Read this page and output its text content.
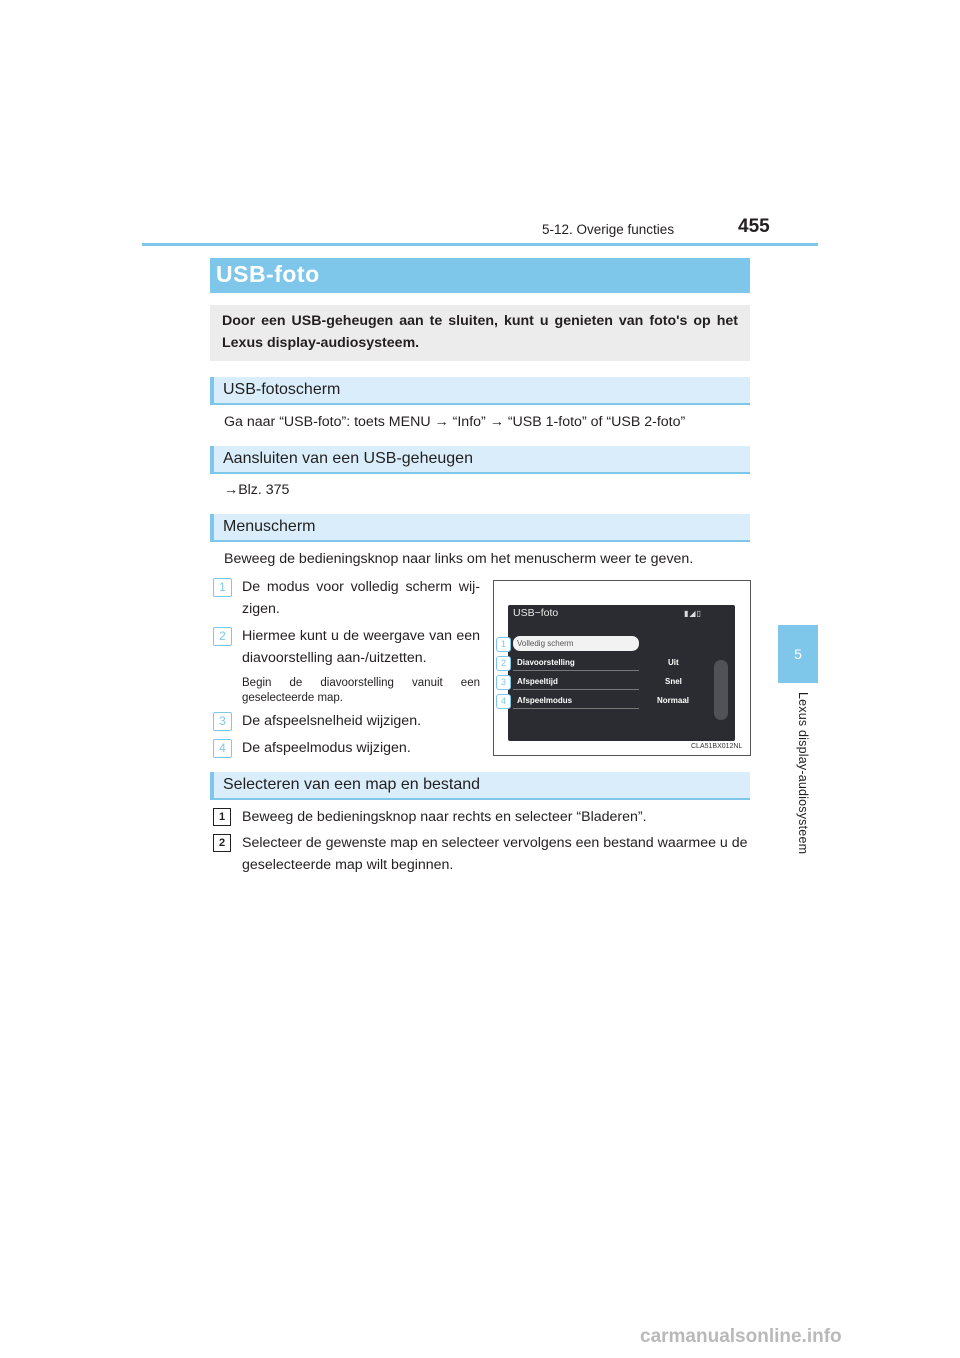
5-12. Overige functies	455
5
Lexus display-audiosysteem
USB-foto
Door een USB-geheugen aan te sluiten, kunt u genieten van foto's op het Lexus display-audiosysteem.
USB-fotoscherm
Ga naar “USB-foto”: toets MENU → “Info” → “USB 1-foto” of “USB 2-foto”
Aansluiten van een USB-geheugen
→Blz. 375
Menuscherm
Beweeg de bedieningsknop naar links om het menuscherm weer te geven.
1	De modus voor volledig scherm wij-zigen.
2	Hiermee kunt u de weergave van een diavoorstelling aan-/uitzetten.
Begin de diavoorstelling vanuit een geselecteerde map.
3	De afspeelsnelheid wijzigen.
4	De afspeelmodus wijzigen.
USB−foto	▮◢▯
Volledig scherm
Diavoorstelling
Afspeeltijd
Afspeelmodus
Uit
Snel
Normaal
1
2
3
4
CLA51BX012NL
Selecteren van een map en bestand
1	Beweeg de bedieningsknop naar rechts en selecteer “Bladeren”.
2	Selecteer de gewenste map en selecteer vervolgens een bestand waarmee u de geselecteerde map wilt beginnen.
carmanualsonline.info
